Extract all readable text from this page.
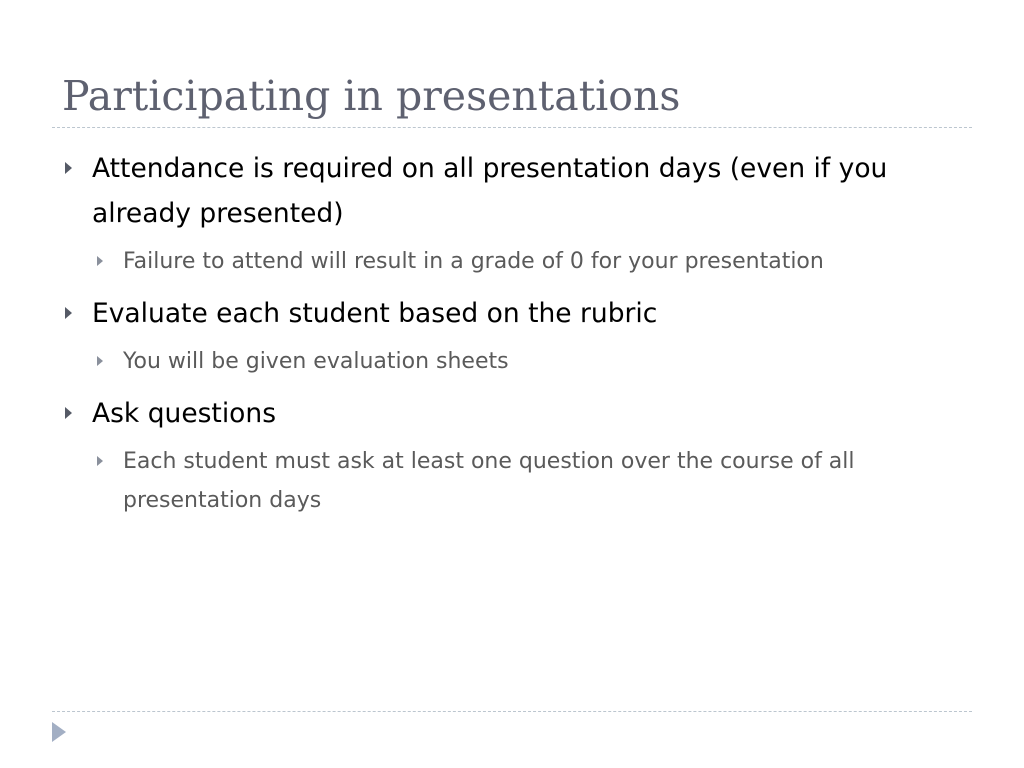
Participating in presentations

Attendance is required on all presentation days (even if you already presented)

Failure to attend will result in a grade of 0 for your presentation

Evaluate each student based on the rubric

You will be given evaluation sheets

Ask questions

Each student must ask at least one question over the course of all presentation days
